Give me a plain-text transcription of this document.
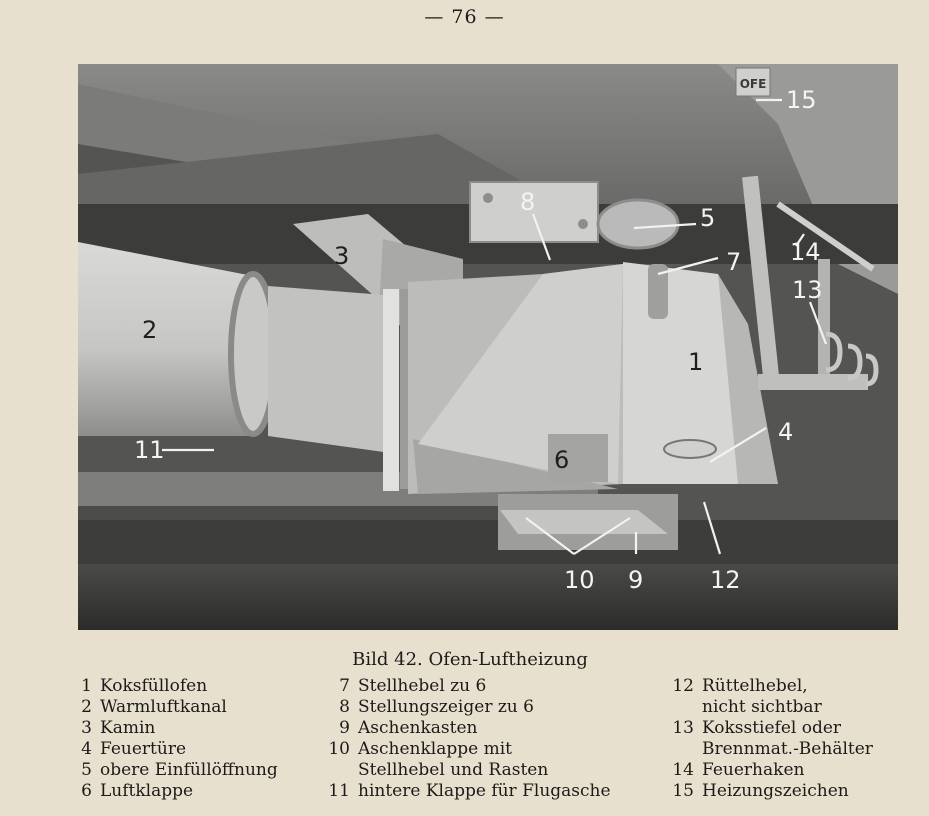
— 76 —
OFE
15
8
5
14
7
13
3
2
1
4
11	6
10 9	12
Bild 42. Ofen-Luftheizung
1 Koksfüllofen
2 Warmluftkanal
3 Kamin
4 Feuertüre
5 obere Einfüllöffnung
6 Luftklappe
7 Stellhebel zu 6
8 Stellungszeiger zu 6
9 Aschenkasten
10 Aschenklappe mit
Stellhebel und Rasten
11 hintere Klappe für Flugasche
12 Rüttelhebel,
nicht sichtbar
13 Koksstiefel oder
Brennmat.-Behälter
14 Feuerhaken
15 Heizungszeichen
